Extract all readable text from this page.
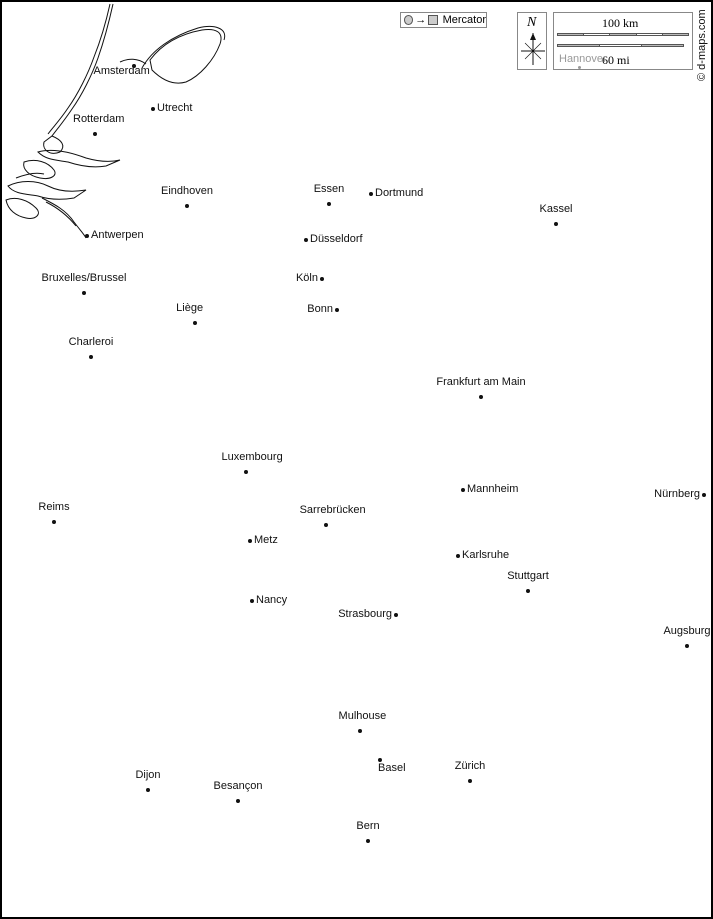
→ Mercator	N	100 km
60 mi
Hannover	© d-maps.com
Amsterdam
Utrecht
Rotterdam
Eindhoven	Essen	Dortmund
Kassel
Antwerpen	Düsseldorf
Köln
Bruxelles/Brussel
Bonn
Liège
Charleroi
Frankfurt am Main
Luxembourg
Mannheim	Nürnberg
Reims	Sarrebrücken
Metz
Karlsruhe
Stuttgart
Nancy
Strasbourg
Augsburg
Mulhouse
Basel	Zürich
Dijon
Besançon
Bern
